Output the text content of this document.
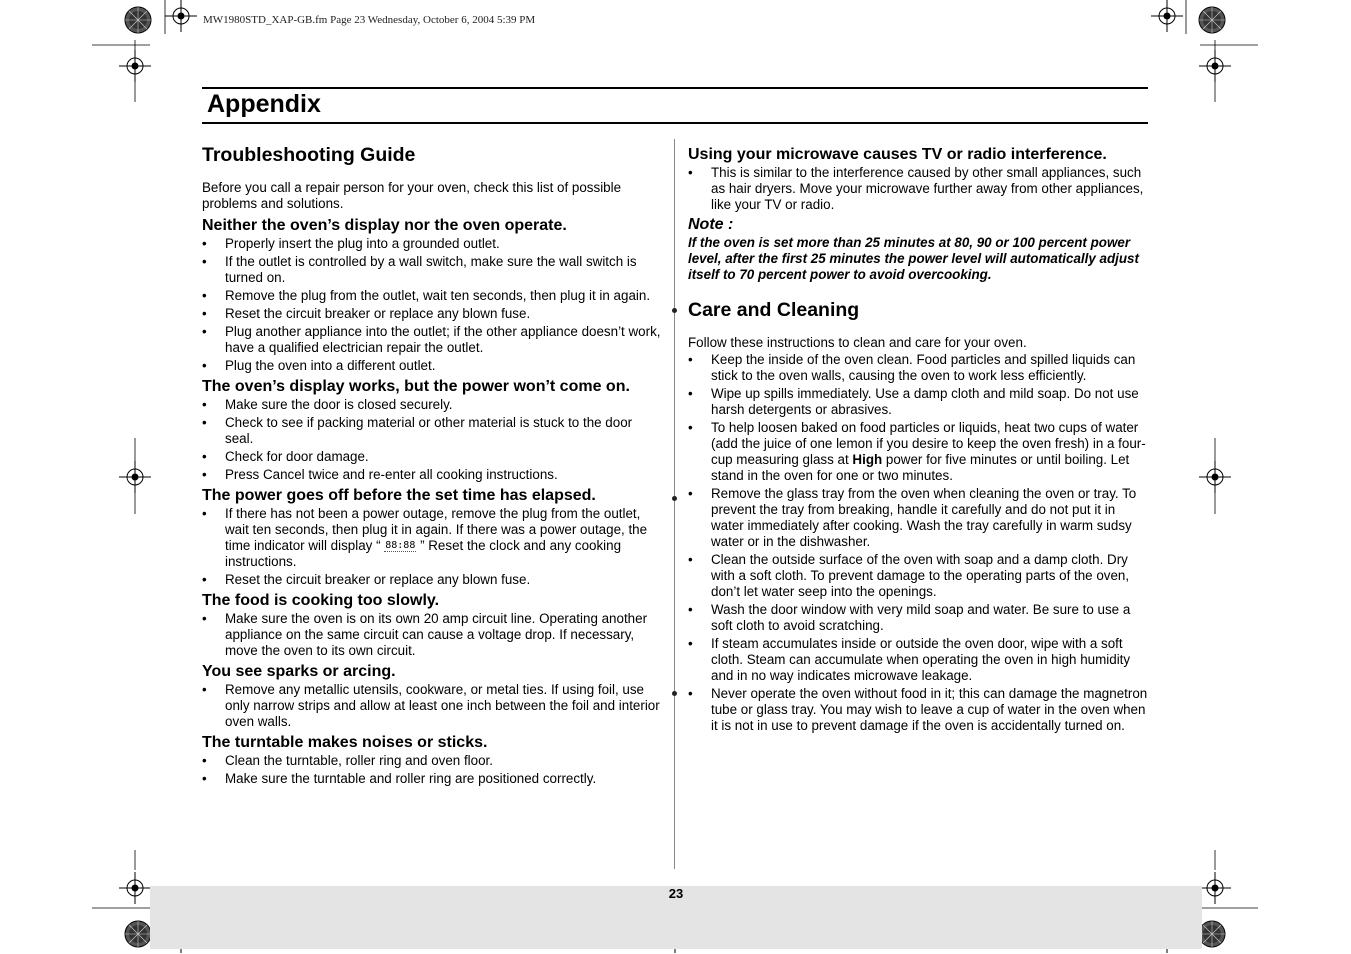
MW1980STD_XAP-GB.fm Page 23 Wednesday, October 6, 2004 5:39 PM
Appendix
Troubleshooting Guide

Before you call a repair person for your oven, check this list of possible problems and solutions.

Neither the oven’s display nor the oven operate.
• Properly insert the plug into a grounded outlet.
• If the outlet is controlled by a wall switch, make sure the wall switch is turned on.
• Remove the plug from the outlet, wait ten seconds, then plug it in again.
• Reset the circuit breaker or replace any blown fuse.
• Plug another appliance into the outlet; if the other appliance doesn’t work, have a qualified electrician repair the outlet.
• Plug the oven into a different outlet.
The oven’s display works, but the power won’t come on.
• Make sure the door is closed securely.
• Check to see if packing material or other material is stuck to the door seal.
• Check for door damage.
• Press Cancel twice and re-enter all cooking instructions.
The power goes off before the set time has elapsed.
• If there has not been a power outage, remove the plug from the outlet, wait ten seconds, then plug it in again. If there was a power outage, the time indicator will display “ 88:88 ” Reset the clock and any cooking instructions.
• Reset the circuit breaker or replace any blown fuse.
The food is cooking too slowly.
• Make sure the oven is on its own 20 amp circuit line. Operating another appliance on the same circuit can cause a voltage drop. If necessary, move the oven to its own circuit.
You see sparks or arcing.
• Remove any metallic utensils, cookware, or metal ties. If using foil, use only narrow strips and allow at least one inch between the foil and interior oven walls.
The turntable makes noises or sticks.
• Clean the turntable, roller ring and oven floor.
• Make sure the turntable and roller ring are positioned correctly.
Using your microwave causes TV or radio interference.
• This is similar to the interference caused by other small appliances, such as hair dryers. Move your microwave further away from other appliances, like your TV or radio.

Note :

If the oven is set more than 25 minutes at 80, 90 or 100 percent power level, after the first 25 minutes the power level will automatically adjust itself to 70 percent power to avoid overcooking.

Care and Cleaning

Follow these instructions to clean and care for your oven.

• Keep the inside of the oven clean. Food particles and spilled liquids can stick to the oven walls, causing the oven to work less efficiently.
• Wipe up spills immediately. Use a damp cloth and mild soap. Do not use harsh detergents or abrasives.
• To help loosen baked on food particles or liquids, heat two cups of water (add the juice of one lemon if you desire to keep the oven fresh) in a four-cup measuring glass at High power for five minutes or until boiling. Let stand in the oven for one or two minutes.
• Remove the glass tray from the oven when cleaning the oven or tray. To prevent the tray from breaking, handle it carefully and do not put it in water immediately after cooking. Wash the tray carefully in warm sudsy water or in the dishwasher.
• Clean the outside surface of the oven with soap and a damp cloth. Dry with a soft cloth. To prevent damage to the operating parts of the oven, don’t let water seep into the openings.
• Wash the door window with very mild soap and water. Be sure to use a soft cloth to avoid scratching.
• If steam accumulates inside or outside the oven door, wipe with a soft cloth. Steam can accumulate when operating the oven in high humidity and in no way indicates microwave leakage.
• Never operate the oven without food in it; this can damage the magnetron tube or glass tray. You may wish to leave a cup of water in the oven when it is not in use to prevent damage if the oven is accidentally turned on.
23
